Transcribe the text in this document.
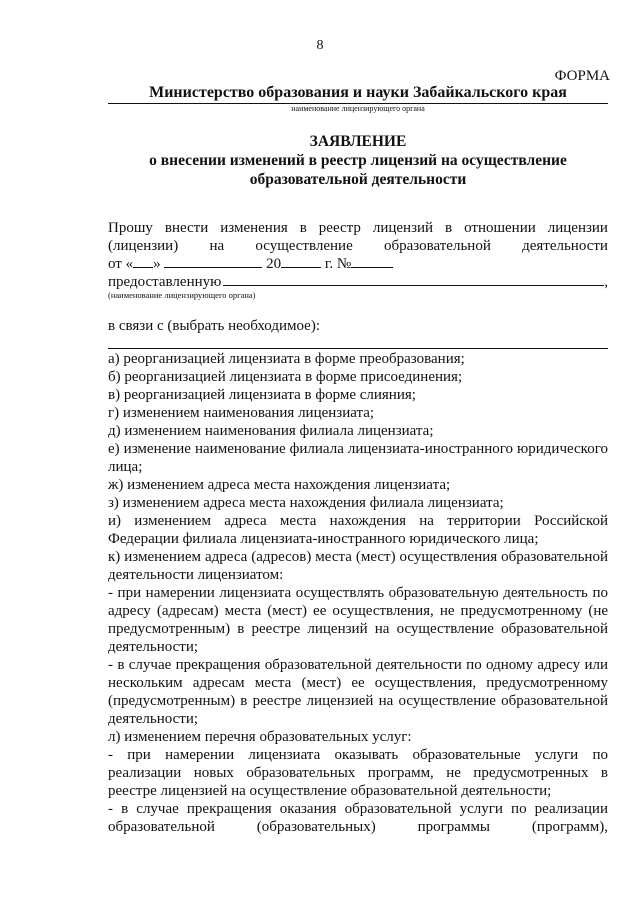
8
ФОРМА
Министерство образования и науки Забайкальского края
наименование лицензирующего органа
ЗАЯВЛЕНИЕ
о внесении изменений в реестр лицензий на осуществление
образовательной деятельности
Прошу внести изменения в реестр лицензий в отношении лицензии
(лицензии) на осуществление образовательной деятельности
от « »	20	г. №
предоставленную	,
(наименование лицензирующего органа)
в связи с (выбрать необходимое):

а) реорганизацией лицензиата в форме преобразования;

б) реорганизацией лицензиата в форме присоединения;

в) реорганизацией лицензиата в форме слияния;

г) изменением наименования лицензиата;

д) изменением наименования филиала лицензиата;

е) изменение наименование филиала лицензиата-иностранного юридического лица;

ж) изменением адреса места нахождения лицензиата;

з) изменением адреса места нахождения филиала лицензиата;

и) изменением адреса места нахождения на территории Российской Федерации филиала лицензиата-иностранного юридического лица;

к) изменением адреса (адресов) места (мест) осуществления образовательной деятельности лицензиатом:

- при намерении лицензиата осуществлять образовательную деятельность по адресу (адресам) места (мест) ее осуществления, не предусмотренному (не предусмотренным) в реестре лицензий на осуществление образовательной деятельности;

- в случае прекращения образовательной деятельности по одному адресу или нескольким адресам места (мест) ее осуществления, предусмотренному (предусмотренным) в реестре лицензией на осуществление образовательной деятельности;

л) изменением перечня образовательных услуг:

- при намерении лицензиата оказывать образовательные услуги по реализации новых образовательных программ, не предусмотренных в реестре лицензией на осуществление образовательной деятельности;

- в случае прекращения оказания образовательной услуги по реализации образовательной (образовательных) программы (программ),
